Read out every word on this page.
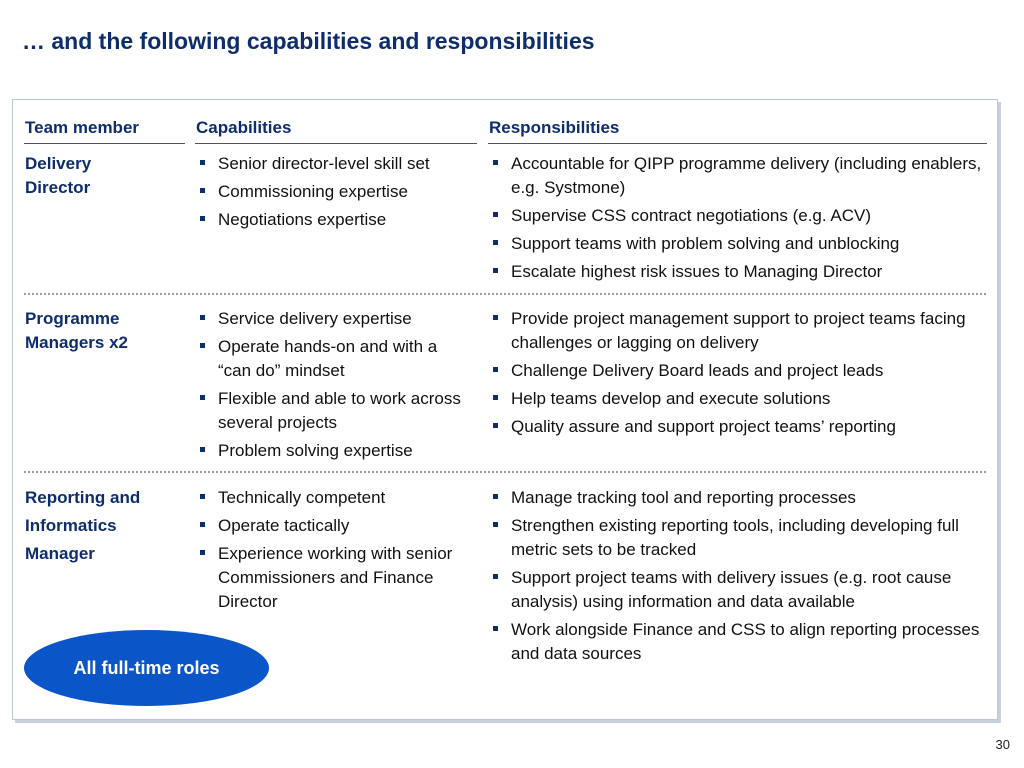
… and the following capabilities and responsibilities
Team member	Capabilities	Responsibilities
Delivery
Director
Senior director-level skill set
Commissioning expertise
Negotiations expertise
Accountable for QIPP programme delivery (including enablers, e.g. Systmone)
Supervise CSS contract negotiations (e.g. ACV)
Support teams with problem solving and unblocking
Escalate highest risk issues to Managing Director
Programme
Managers x2
Service delivery expertise
Operate hands-on and with a “can do” mindset
Flexible and able to work across several projects
Problem solving expertise
Provide project management support to project teams facing challenges or lagging on delivery
Challenge Delivery Board leads and project leads
Help teams develop and execute solutions
Quality assure and support project teams’ reporting
Reporting and
Informatics
Manager
Technically competent
Operate tactically
Experience working with senior Commissioners and Finance Director
Manage tracking tool and reporting processes
Strengthen existing reporting tools, including developing full metric sets to be tracked
Support project teams with delivery issues (e.g. root cause analysis) using information and data available
Work alongside Finance and CSS to align reporting processes and data sources
All full-time roles
30
